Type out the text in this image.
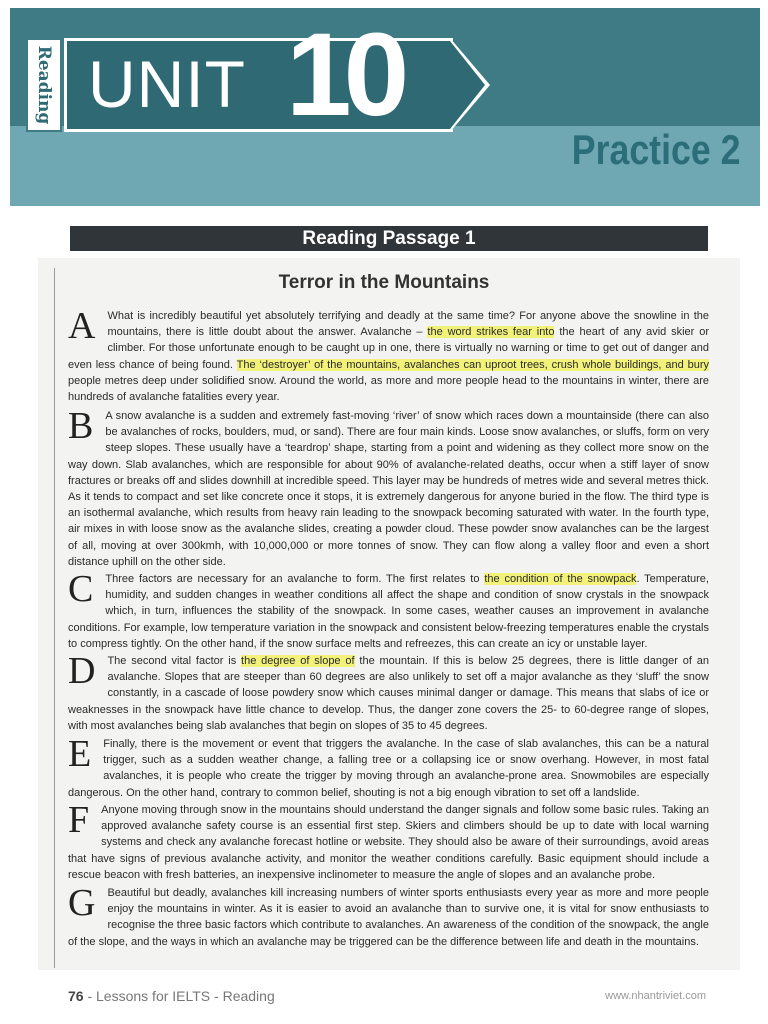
Reading UNIT 10
Practice 2
Reading Passage 1
Terror in the Mountains
A What is incredibly beautiful yet absolutely terrifying and deadly at the same time? For anyone above the snowline in the mountains, there is little doubt about the answer. Avalanche – the word strikes fear into the heart of any avid skier or climber. For those unfortunate enough to be caught up in one, there is virtually no warning or time to get out of danger and even less chance of being found. The ‘destroyer’ of the mountains, avalanches can uproot trees, crush whole buildings, and bury people metres deep under solidified snow. Around the world, as more and more people head to the mountains in winter, there are hundreds of avalanche fatalities every year.
B A snow avalanche is a sudden and extremely fast-moving ‘river’ of snow which races down a mountainside (there can also be avalanches of rocks, boulders, mud, or sand). There are four main kinds. Loose snow avalanches, or sluffs, form on very steep slopes. These usually have a ‘teardrop’ shape, starting from a point and widening as they collect more snow on the way down. Slab avalanches, which are responsible for about 90% of avalanche-related deaths, occur when a stiff layer of snow fractures or breaks off and slides downhill at incredible speed. This layer may be hundreds of metres wide and several metres thick. As it tends to compact and set like concrete once it stops, it is extremely dangerous for anyone buried in the flow. The third type is an isothermal avalanche, which results from heavy rain leading to the snowpack becoming saturated with water. In the fourth type, air mixes in with loose snow as the avalanche slides, creating a powder cloud. These powder snow avalanches can be the largest of all, moving at over 300kmh, with 10,000,000 or more tonnes of snow. They can flow along a valley floor and even a short distance uphill on the other side.
C Three factors are necessary for an avalanche to form. The first relates to the condition of the snowpack. Temperature, humidity, and sudden changes in weather conditions all affect the shape and condition of snow crystals in the snowpack which, in turn, influences the stability of the snowpack. In some cases, weather causes an improvement in avalanche conditions. For example, low temperature variation in the snowpack and consistent below-freezing temperatures enable the crystals to compress tightly. On the other hand, if the snow surface melts and refreezes, this can create an icy or unstable layer.
D The second vital factor is the degree of slope of the mountain. If this is below 25 degrees, there is little danger of an avalanche. Slopes that are steeper than 60 degrees are also unlikely to set off a major avalanche as they ‘sluff’ the snow constantly, in a cascade of loose powdery snow which causes minimal danger or damage. This means that slabs of ice or weaknesses in the snowpack have little chance to develop. Thus, the danger zone covers the 25- to 60-degree range of slopes, with most avalanches being slab avalanches that begin on slopes of 35 to 45 degrees.
E Finally, there is the movement or event that triggers the avalanche. In the case of slab avalanches, this can be a natural trigger, such as a sudden weather change, a falling tree or a collapsing ice or snow overhang. However, in most fatal avalanches, it is people who create the trigger by moving through an avalanche-prone area. Snowmobiles are especially dangerous. On the other hand, contrary to common belief, shouting is not a big enough vibration to set off a landslide.
F Anyone moving through snow in the mountains should understand the danger signals and follow some basic rules. Taking an approved avalanche safety course is an essential first step. Skiers and climbers should be up to date with local warning systems and check any avalanche forecast hotline or website. They should also be aware of their surroundings, avoid areas that have signs of previous avalanche activity, and monitor the weather conditions carefully. Basic equipment should include a rescue beacon with fresh batteries, an inexpensive inclinometer to measure the angle of slopes and an avalanche probe.
G Beautiful but deadly, avalanches kill increasing numbers of winter sports enthusiasts every year as more and more people enjoy the mountains in winter. As it is easier to avoid an avalanche than to survive one, it is vital for snow enthusiasts to recognise the three basic factors which contribute to avalanches. An awareness of the condition of the snowpack, the angle of the slope, and the ways in which an avalanche may be triggered can be the difference between life and death in the mountains.
76 - Lessons for IELTS - Reading	www.nhantriviet.com
